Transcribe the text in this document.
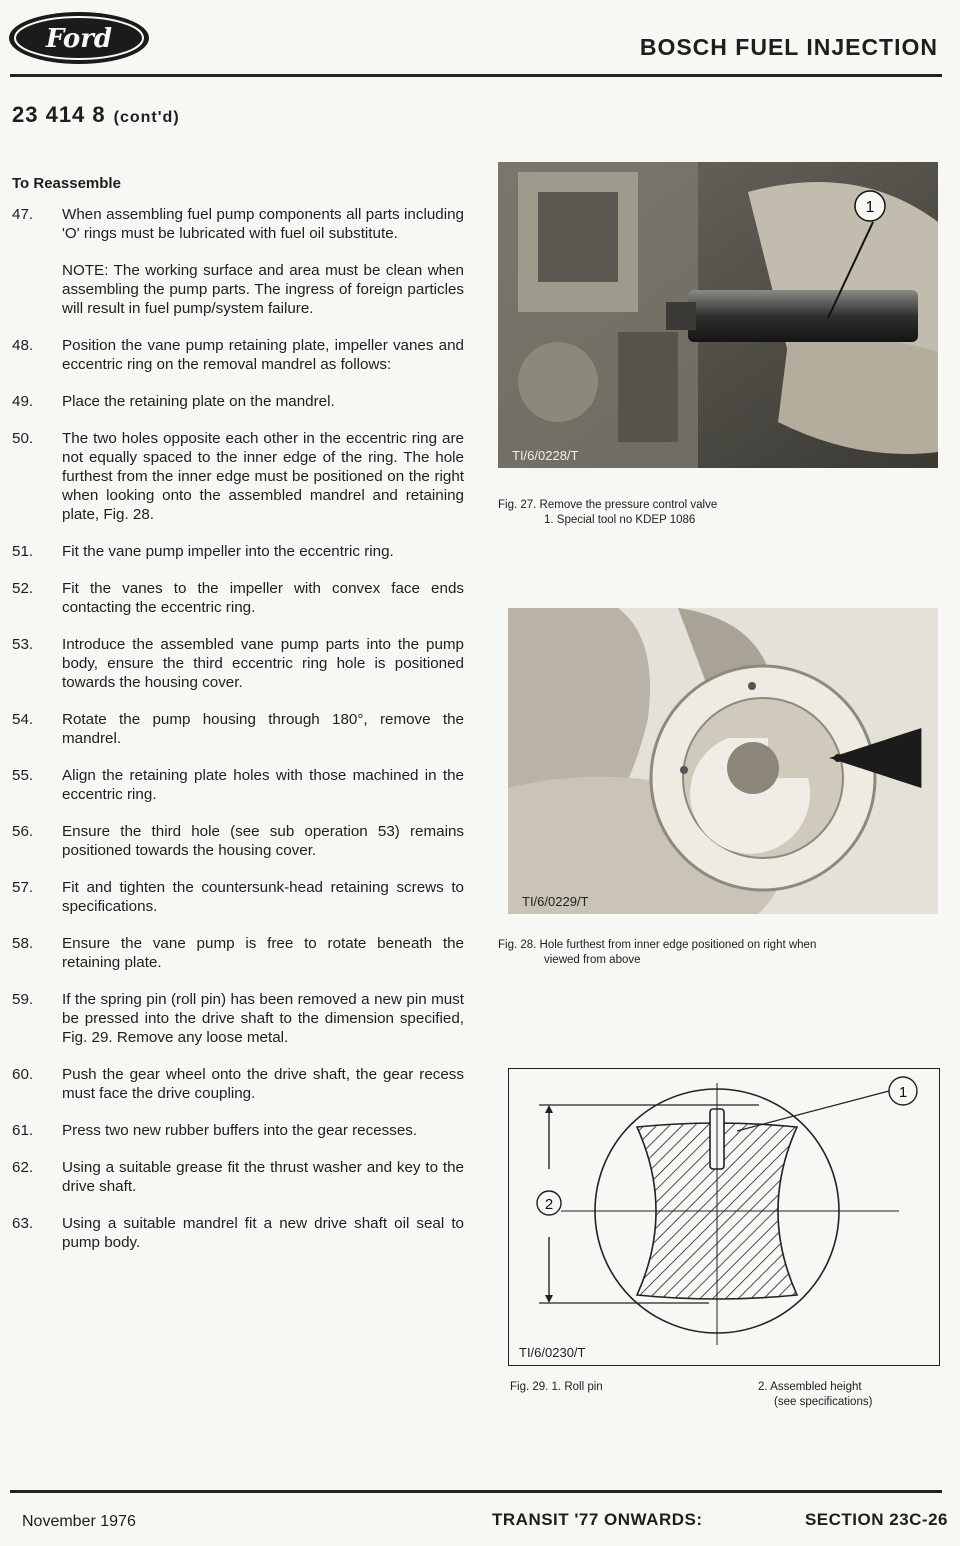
Ford	BOSCH FUEL INJECTION
23 414 8 (cont'd)
To Reassemble
47.	When assembling fuel pump components all parts including 'O' rings must be lubricated with fuel oil substitute.
NOTE: The working surface and area must be clean when assembling the pump parts. The ingress of foreign particles will result in fuel pump/system failure.
48.	Position the vane pump retaining plate, impeller vanes and eccentric ring on the removal mandrel as follows:
49.	Place the retaining plate on the mandrel.
50.	The two holes opposite each other in the eccentric ring are not equally spaced to the inner edge of the ring. The hole furthest from the inner edge must be positioned on the right when looking onto the assembled mandrel and retaining plate, Fig. 28.
51.	Fit the vane pump impeller into the eccentric ring.
52.	Fit the vanes to the impeller with convex face ends contacting the eccentric ring.
53.	Introduce the assembled vane pump parts into the pump body, ensure the third eccentric ring hole is positioned towards the housing cover.
54.	Rotate the pump housing through 180°, remove the mandrel.
55.	Align the retaining plate holes with those machined in the eccentric ring.
56.	Ensure the third hole (see sub operation 53) remains positioned towards the housing cover.
57.	Fit and tighten the countersunk-head retaining screws to specifications.
58.	Ensure the vane pump is free to rotate beneath the retaining plate.
59.	If the spring pin (roll pin) has been removed a new pin must be pressed into the drive shaft to the dimension specified, Fig. 29. Remove any loose metal.
60.	Push the gear wheel onto the drive shaft, the gear recess must face the drive coupling.
61.	Press two new rubber buffers into the gear recesses.
62.	Using a suitable grease fit the thrust washer and key to the drive shaft.
63.	Using a suitable mandrel fit a new drive shaft oil seal to pump body.
1
TI/6/0228/T
Fig. 27. Remove the pressure control valve
1. Special tool no KDEP 1086
TI/6/0229/T
Fig. 28. Hole furthest from inner edge positioned on right when
viewed from above
2
1
TI/6/0230/T
Fig. 29. 1. Roll pin	2. Assembled height
(see specifications)
November 1976	TRANSIT '77 ONWARDS:	SECTION 23C-26
